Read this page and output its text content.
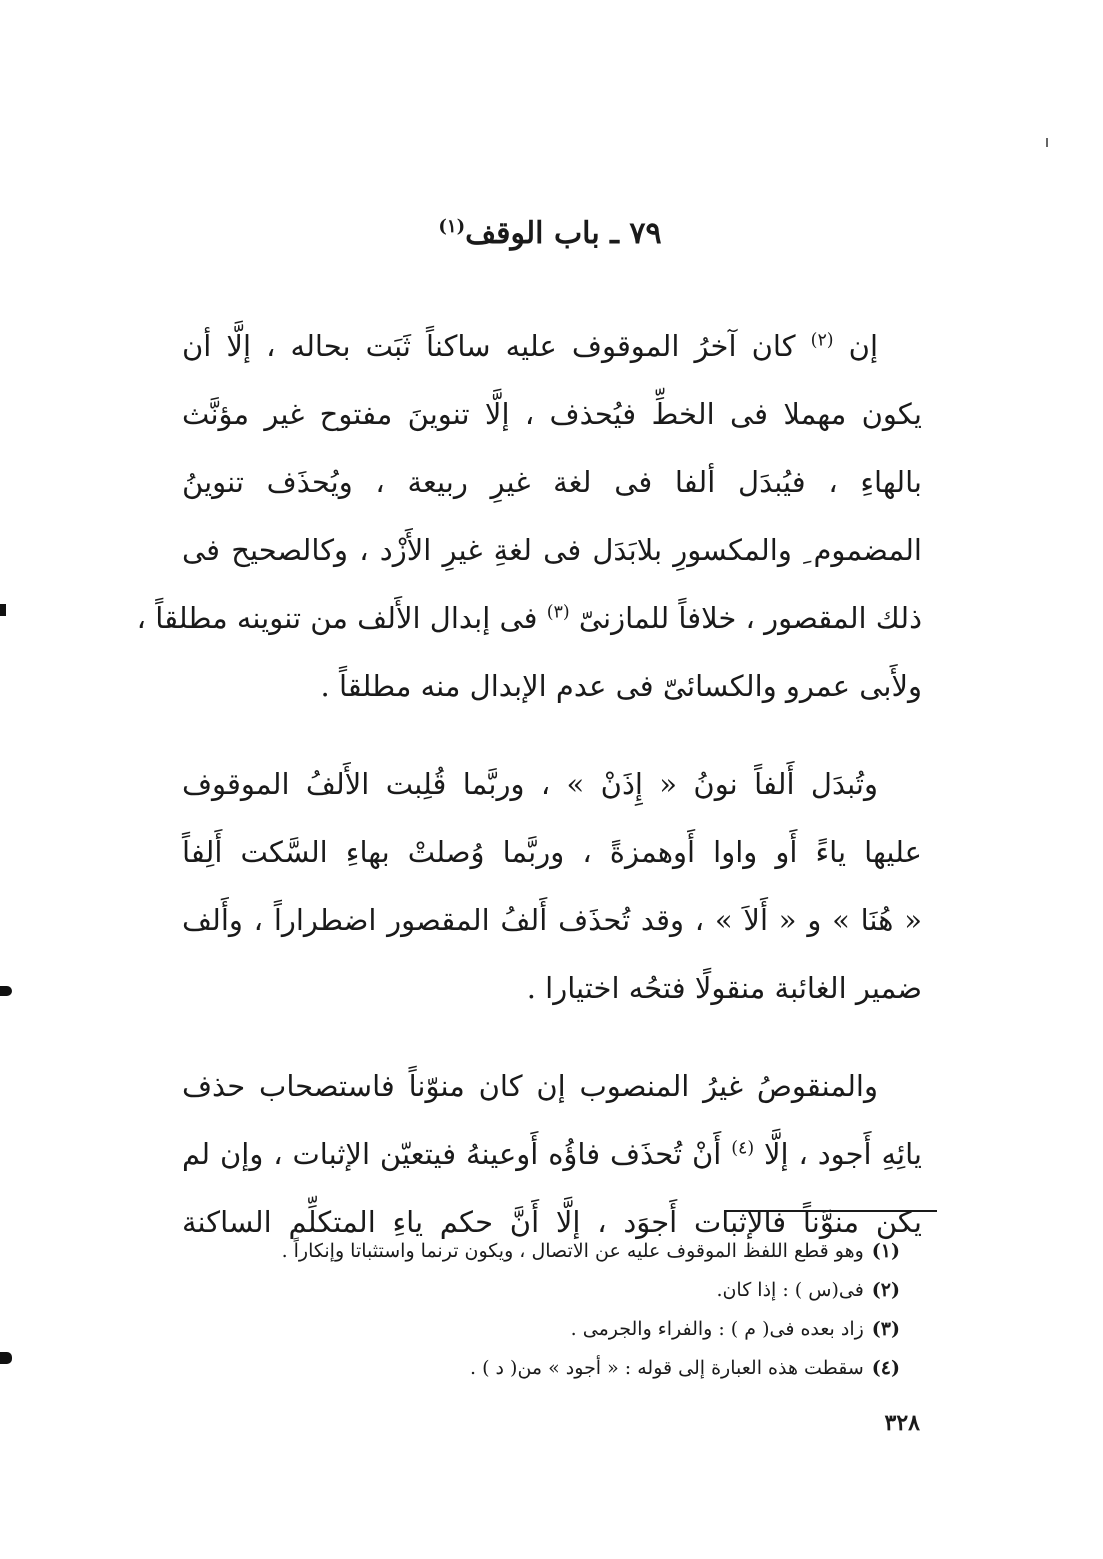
٧٩ ـ باب الوقف$^{(١)}$
إن $^{(٢)}$ كان آخرُ الموقوف عليه ساكناً ثَبَت بحاله ، إلَّا أن
يكون مهملا فى الخطِّ فيُحذف ، إلَّا تنوينَ مفتوح غير مؤنَّث
بالهاءِ ، فيُبدَل ألفا فى لغة غيرِ ربيعة ، ويُحذَف تنوينُ
المضموم ِ والمكسورِ بلابَدَل فى لغةِ غيرِ الأَزْد ، وكالصحيح فى
ذلك المقصور ، خلافاً للمازنىّ $^{(٣)}$ فى إبدال الأَلف من تنوينه مطلقاً ،
ولأَبى عمرو والكسائىّ فى عدم الإبدال منه مطلقاً .
وتُبدَل أَلفاً نونُ « إِذَنْ » ، وربَّما قُلِبت الأَلفُ الموقوف
عليها ياءً أَو واوا أَوهمزةً ، وربَّما وُصلتْ بهاءِ السَّكت أَلِفاً
« هُنَا » و « أَلاَ » ، وقد تُحذَف أَلفُ المقصور اضطراراً ، وأَلف
ضمير الغائبة منقولًا فتحُه اختيارا .
والمنقوصُ غيرُ المنصوب إن كان منوّناً فاستصحاب حذف
يائِهِ أَجود ، إلَّا $^{(٤)}$ أَنْ تُحذَف فاؤُه أَوعينهُ فيتعيّن الإثبات ، وإن لم
يكن منوَّناً فالإثبات أَجوَد ، إلَّا أَنَّ حكم ياءِ المتكلِّم الساكنة
(١)وهو قطع اللفظ الموقوف عليه عن الاتصال ، ويكون ترنما واستثباتا وإنكاراً .
(٢)فى(س ) : إذا كان.
(٣)زاد بعده فى( م ) : والفراء والجرمى .
(٤)سقطت هذه العبارة إلى قوله : « أجود » من( د ) .
٣٢٨
